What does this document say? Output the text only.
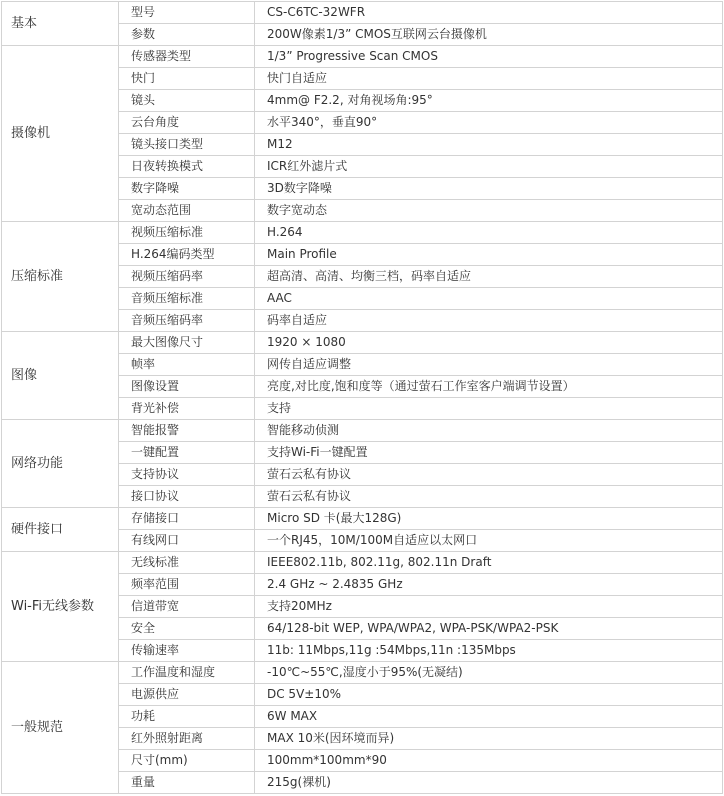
基本	型号	CS-C6TC-32WFR
	参数	200W像素1/3” CMOS互联网云台摄像机
摄像机	传感器类型	1/3” Progressive Scan CMOS
	快门	快门自适应
	镜头	4mm@ F2.2, 对角视场角:95°
	云台角度	水平340°，垂直90°
	镜头接口类型	M12
	日夜转换模式	ICR红外滤片式
	数字降噪	3D数字降噪
	宽动态范围	数字宽动态
压缩标准	视频压缩标准	H.264
	H.264编码类型	Main Profile
	视频压缩码率	超高清、高清、均衡三档，码率自适应
	音频压缩标准	AAC
	音频压缩码率	码率自适应
图像	最大图像尺寸	1920 × 1080
	帧率	网传自适应调整
	图像设置	亮度,对比度,饱和度等（通过萤石工作室客户端调节设置）
	背光补偿	支持
网络功能	智能报警	智能移动侦测
	一键配置	支持Wi-Fi一键配置
	支持协议	萤石云私有协议
	接口协议	萤石云私有协议
硬件接口	存储接口	Micro SD 卡(最大128G)
	有线网口	一个RJ45，10M/100M自适应以太网口
Wi-Fi无线参数	无线标准	IEEE802.11b, 802.11g, 802.11n Draft
	频率范围	2.4 GHz ~ 2.4835 GHz
	信道带宽	支持20MHz
	安全	64/128-bit WEP, WPA/WPA2, WPA-PSK/WPA2-PSK
	传输速率	11b: 11Mbps,11g :54Mbps,11n :135Mbps
一般规范	工作温度和湿度	-10℃~55℃,湿度小于95%(无凝结)
	电源供应	DC 5V±10%
	功耗	6W MAX
	红外照射距离	MAX 10米(因环境而异)
	尺寸(mm)	100mm*100mm*90
	重量	215g(裸机)
